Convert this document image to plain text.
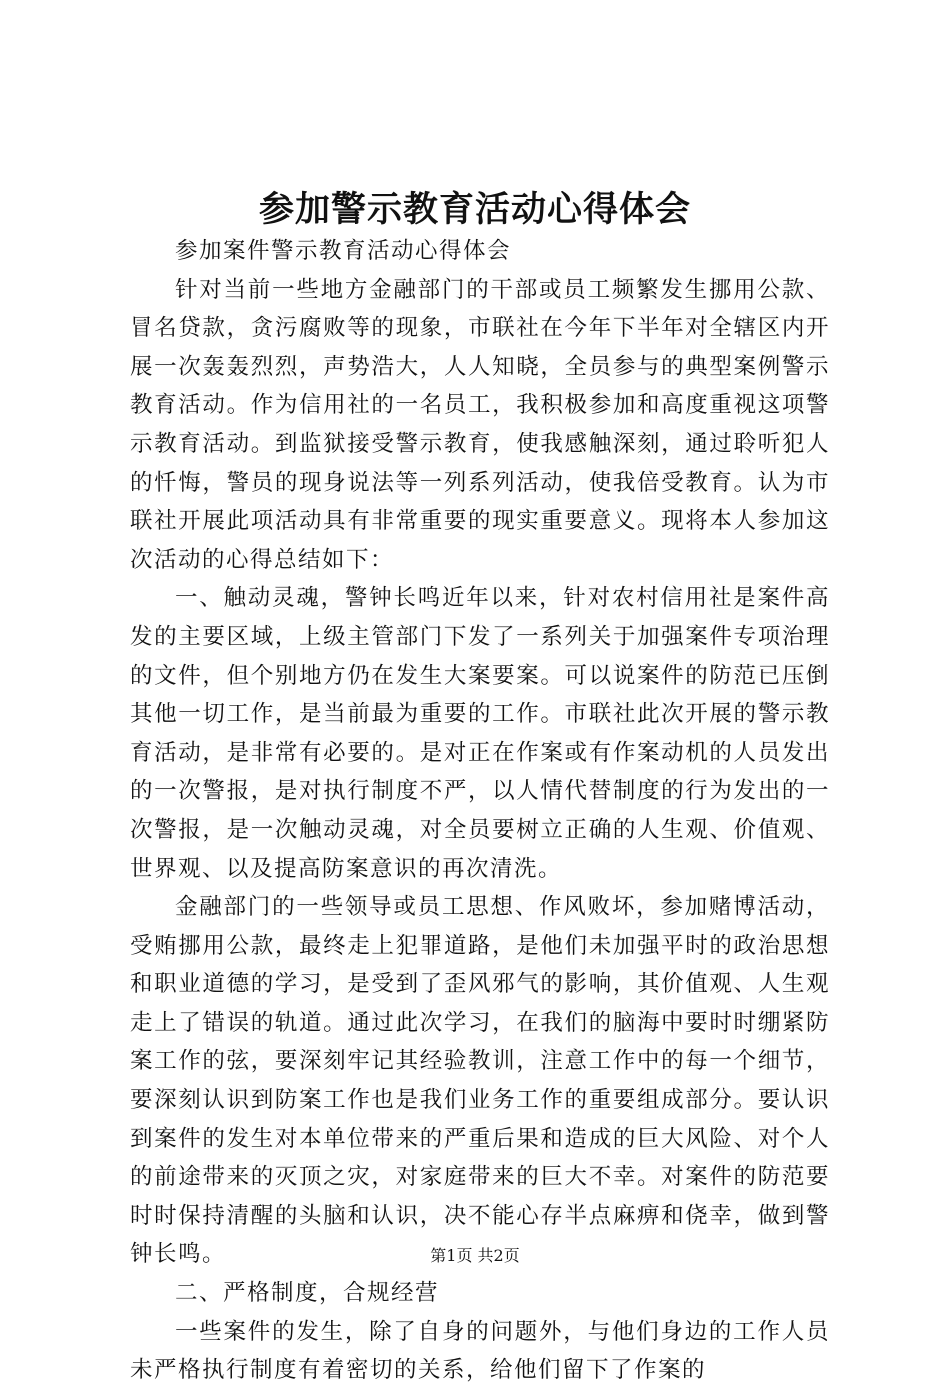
参加警示教育活动心得体会

参加案件警示教育活动心得体会

针对当前一些地方金融部门的干部或员工频繁发生挪用公款、冒名贷款，贪污腐败等的现象，市联社在今年下半年对全辖区内开展一次轰轰烈烈，声势浩大，人人知晓，全员参与的典型案例警示教育活动。作为信用社的一名员工，我积极参加和高度重视这项警示教育活动。到监狱接受警示教育，使我感触深刻，通过聆听犯人的忏悔，警员的现身说法等一列系列活动，使我倍受教育。认为市联社开展此项活动具有非常重要的现实重要意义。现将本人参加这次活动的心得总结如下：

一、触动灵魂，警钟长鸣近年以来，针对农村信用社是案件高发的主要区域，上级主管部门下发了一系列关于加强案件专项治理的文件，但个别地方仍在发生大案要案。可以说案件的防范已压倒其他一切工作，是当前最为重要的工作。市联社此次开展的警示教育活动，是非常有必要的。是对正在作案或有作案动机的人员发出的一次警报，是对执行制度不严，以人情代替制度的行为发出的一次警报，是一次触动灵魂，对全员要树立正确的人生观、价值观、世界观、以及提高防案意识的再次清洗。

金融部门的一些领导或员工思想、作风败坏，参加赌博活动，受贿挪用公款，最终走上犯罪道路，是他们未加强平时的政治思想和职业道德的学习，是受到了歪风邪气的影响，其价值观、人生观走上了错误的轨道。通过此次学习，在我们的脑海中要时时绷紧防案工作的弦，要深刻牢记其经验教训，注意工作中的每一个细节，要深刻认识到防案工作也是我们业务工作的重要组成部分。要认识到案件的发生对本单位带来的严重后果和造成的巨大风险、对个人的前途带来的灭顶之灾，对家庭带来的巨大不幸。对案件的防范要时时保持清醒的头脑和认识，决不能心存半点麻痹和侥幸，做到警钟长鸣。

二、严格制度，合规经营

一些案件的发生，除了自身的问题外，与他们身边的工作人员未严格执行制度有着密切的关系，给他们留下了作案的

第1页 共2页
